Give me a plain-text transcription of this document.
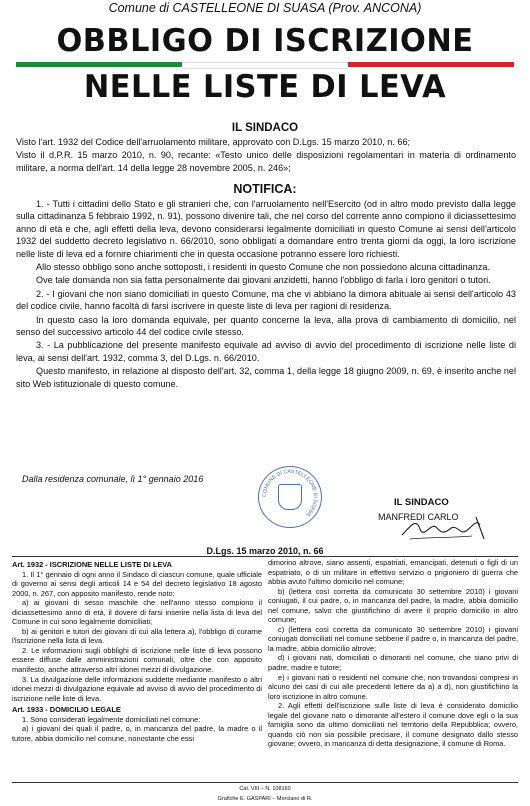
Comune di CASTELLEONE DI SUASA (Prov. ANCONA)
OBBLIGO DI ISCRIZIONE
NELLE LISTE DI LEVA
IL SINDACO

Visto l'art. 1932 del Codice dell'arruolamento militare, approvato con D.Lgs. 15 marzo 2010, n. 66;

Visto il d.P.R. 15 marzo 2010, n. 90, recante: «Testo unico delle disposizioni regolamentari in materia di ordinamento militare, a norma dell'art. 14 della legge 28 novembre 2005, n. 246»;

NOTIFICA:

1. - Tutti i cittadini dello Stato e gli stranieri che, con l'arruolamento nell'Esercito (od in altro modo previsto dalla legge sulla cittadinanza 5 febbraio 1992, n. 91), possono divenire tali, che nel corso del corrente anno compiono il diciassettesimo anno di età e che, agli effetti della leva, devono considerarsi legalmente domiciliati in questo Comune ai sensi dell'articolo 1932 del suddetto decreto legislativo n. 66/2010, sono obbligati a domandare entro trenta giorni da oggi, la loro iscrizione nelle liste di leva ed a fornire chiarimenti che in questa occasione potranno essere loro richiesti.

Allo stesso obbligo sono anche sottoposti, i residenti in questo Comune che non possiedono alcuna cittadinanza.

Ove tale domanda non sia fatta personalmente dai giovani anzidetti, hanno l'obbligo di farla i loro genitori o tutori.

2. - I giovani che non siano domiciliati in questo Comune, ma che vi abbiano la dimora abituale ai sensi dell'articolo 43 del codice civile, hanno facoltà di farsi iscrivere in queste liste di leva per ragioni di residenza.

In questo caso la loro domanda equivale, per quanto concerne la leva, alla prova di cambiamento di domicilio, nel senso del successivo articolo 44 del codice civile stesso.

3. - La pubblicazione del presente manifesto equivale ad avviso di avvio del procedimento di iscrizione nelle liste di leva, ai sensi dell'art. 1932, comma 3, del D.Lgs. n. 66/2010.

Questo manifesto, in relazione al disposto dell'art. 32, comma 1, della legge 18 giugno 2009, n. 69, è inserito anche nel sito Web istituzionale di questo comune.

Dalla residenza comunale, lì 1° gennaio 2016
COMUNE DI CASTELLEONE DI SUASA
IL SINDACO
MANFREDI CARLO
D.Lgs. 15 marzo 2010, n. 66

Art. 1932 - ISCRIZIONE NELLE LISTE DI LEVA

1. Il 1° gennaio di ogni anno il Sindaco di ciascun comune, quale ufficiale di governo ai sensi degli articoli 14 e 54 del decreto legislativo 18 agosto 2000, n. 267, con apposito manifesto, rende noto:

a) ai giovani di sesso maschile che nell'anno stesso compiono il diciassettesimo anno di età, il dovere di farsi inserire nella lista di leva del Comune in cui sono legalmente domiciliati;

b) ai genitori e tutori dei giovani di cui alla lettera a), l'obbligo di curarne l'iscrizione nella lista di leva.

2. Le informazioni sugli obblighi di iscrizione nelle liste di leva possono essere diffuse dalle amministrazioni comunali, oltre che con apposito manifesto, anche attraverso altri idonei mezzi di divulgazione.

3. La divulgazione delle informazioni suddette mediante manifesto o altri idonei mezzi di divulgazione equivale ad avviso di avvio del procedimento di iscrizione nelle liste di leva.

Art. 1933 - DOMICILIO LEGALE

1. Sono considerati legalmente domiciliati nel comune:

a) i giovani dei quali il padre, o, in mancanza del padre, la madre o il tutore, abbia domicilio nel comune, nonostante che essi

dimorino altrove, siano assenti, espatriati, emancipati, detenuti o figli di un espatriato, o di un militare in effettivo servizio o prigioniero di guerra che abbia avuto l'ultimo domicilio nel comune;

b) (lettera così corretta da comunicato 30 settembre 2010) i giovani coniugati, il cui padre, o, in mancanza del padre, la madre, abbia domicilio nel comune, salvo che giustifichino di avere il proprio domicilio in altro comune;

c) (lettera così corretta da comunicato 30 settembre 2010) i giovani coniugati domiciliati nel comune sebbene il padre o, in mancanza del padre, la madre, abbia domicilio altrove;

d) i giovani nati, domiciliati o dimoranti nel comune, che siano privi di padre, madre e tutore;

e) i giovani nati o residenti nel comune che, non trovandosi compresi in alcuno dei casi di cui alle precedenti lettere da a) a d), non giustifichino la loro iscrizione in altro comune.

2. Agli effetti dell'iscrizione sulle liste di leva è considerato domicilio legale del giovane nato o dimorante all'estero il comune dove egli o la sua famiglia sono da ultimo domiciliati nel territorio della Repubblica; ovvero, quando ciò non sia possibile precisare, il comune designato dallo stesso giovane; ovvero, in mancanza di detta designazione, il comune di Roma.

Cat. VIII – N. 108160
Grafiche E. GASPARI – Morciano di R.
